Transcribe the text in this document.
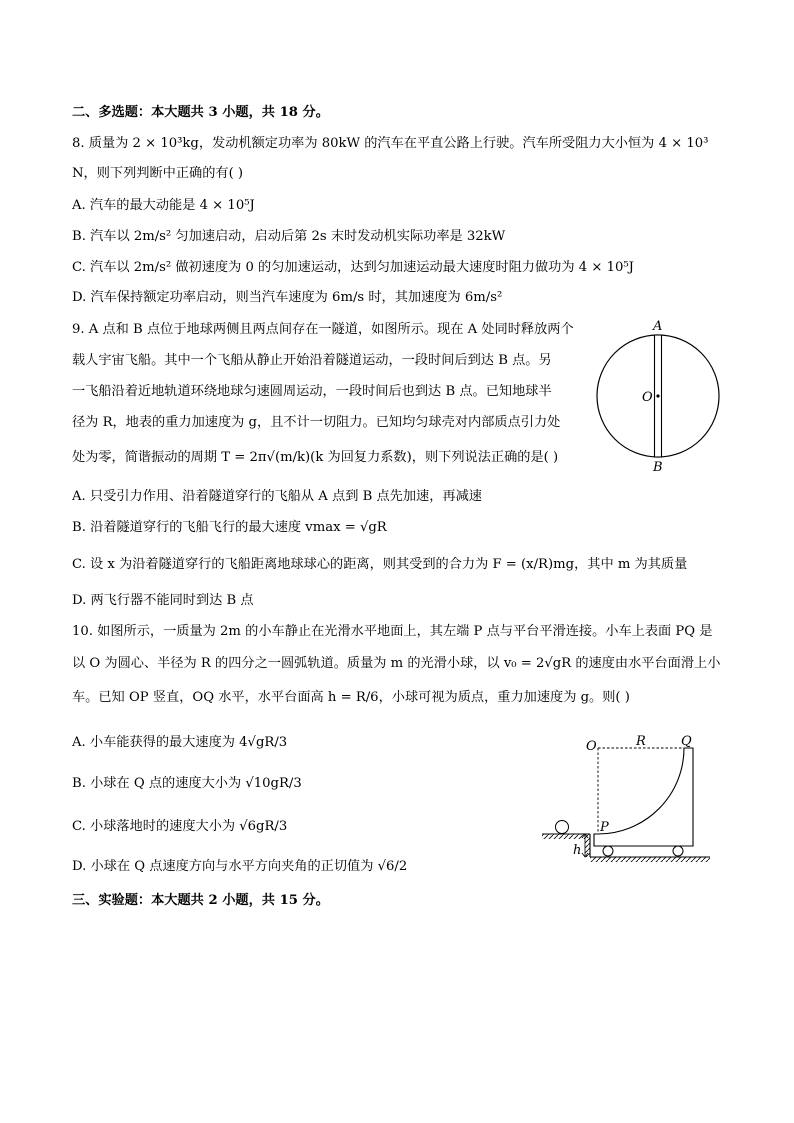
二、多选题：本大题共 3 小题，共 18 分。
8. 质量为 2 × 10³kg，发动机额定功率为 80kW 的汽车在平直公路上行驶。汽车所受阻力大小恒为 4 × 10³
N，则下列判断中正确的有( )
A. 汽车的最大动能是 4 × 10⁵J
B. 汽车以 2m/s² 匀加速启动，启动后第 2s 末时发动机实际功率是 32kW
C. 汽车以 2m/s² 做初速度为 0 的匀加速运动，达到匀加速运动最大速度时阻力做功为 4 × 10⁵J
D. 汽车保持额定功率启动，则当汽车速度为 6m/s 时，其加速度为 6m/s²
9. A 点和 B 点位于地球两侧且两点间存在一隧道，如图所示。现在 A 处同时释放两个
载人宇宙飞船。其中一个飞船从静止开始沿着隧道运动，一段时间后到达 B 点。另
一飞船沿着近地轨道环绕地球匀速圆周运动，一段时间后也到达 B 点。已知地球半
径为 R，地表的重力加速度为 g，且不计一切阻力。已知均匀球壳对内部质点引力处
处为零，简谐振动的周期 T = 2π√(m/k)(k 为回复力系数)，则下列说法正确的是( )
A
O
B
A. 只受引力作用、沿着隧道穿行的飞船从 A 点到 B 点先加速，再减速
B. 沿着隧道穿行的飞船飞行的最大速度 vmax = √gR
C. 设 x 为沿着隧道穿行的飞船距离地球球心的距离，则其受到的合力为 F = (x/R)mg，其中 m 为其质量
D. 两飞行器不能同时到达 B 点
10. 如图所示，一质量为 2m 的小车静止在光滑水平地面上，其左端 P 点与平台平滑连接。小车上表面 PQ 是
以 O 为圆心、半径为 R 的四分之一圆弧轨道。质量为 m 的光滑小球，以 v₀ = 2√gR 的速度由水平台面滑上小
车。已知 OP 竖直，OQ 水平，水平台面高 h = R/6，小球可视为质点，重力加速度为 g。则( )
A. 小车能获得的最大速度为 4√gR/3
B. 小球在 Q 点的速度大小为 √10gR/3
C. 小球落地时的速度大小为 √6gR/3
D. 小球在 Q 点速度方向与水平方向夹角的正切值为 √6/2
O	R	Q
P
h
三、实验题：本大题共 2 小题，共 15 分。
